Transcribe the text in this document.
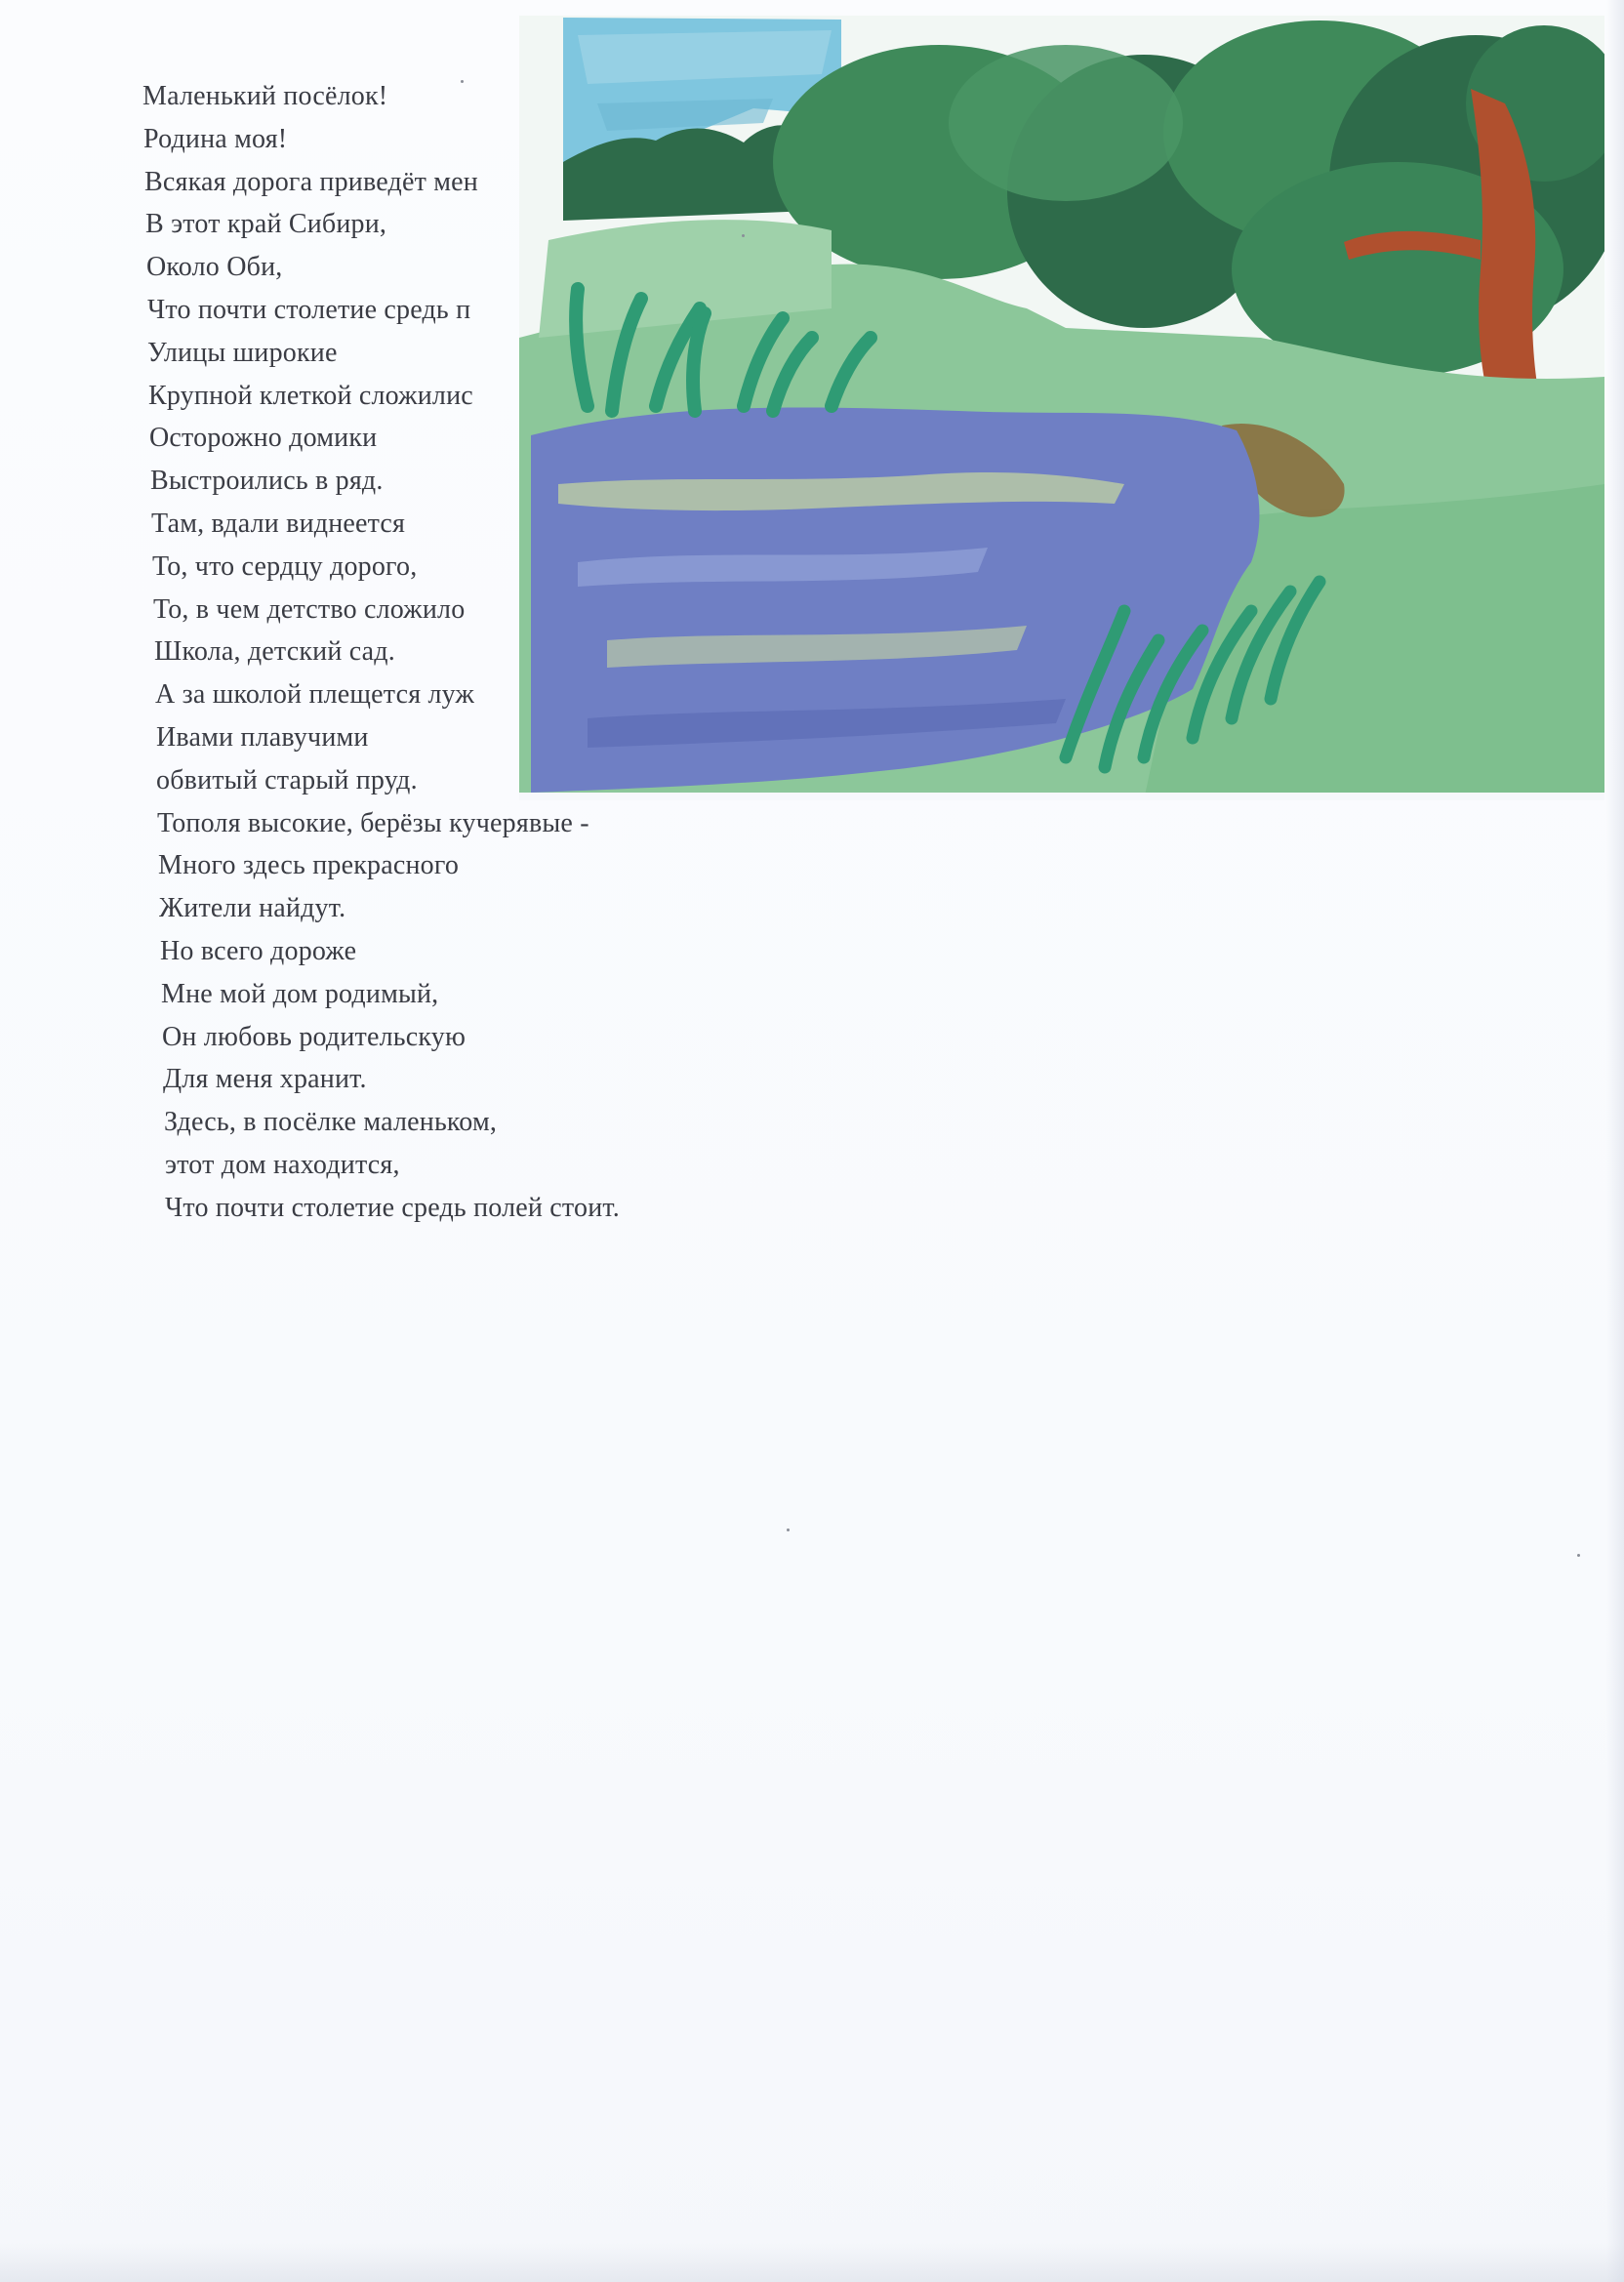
Маленький посёлок!
Родина моя!
Всякая дорога приведёт мен
В этот край Сибири,
Около Оби,
Что почти столетие средь п
Улицы широкие
Крупной клеткой сложилис
Осторожно домики
Выстроились в ряд.
Там, вдали виднеется
То, что сердцу дорого,
То, в чем детство сложило
Школа, детский сад.
А за школой плещется луж
Ивами плавучими
обвитый старый пруд.
Тополя высокие, берёзы кучерявые -
Много здесь прекрасного
Жители найдут.
Но всего дороже
Мне мой дом родимый,
Он любовь родительскую
Для меня хранит.
Здесь, в посёлке маленьком,
этот дом находится,
Что почти столетие средь полей стоит.
